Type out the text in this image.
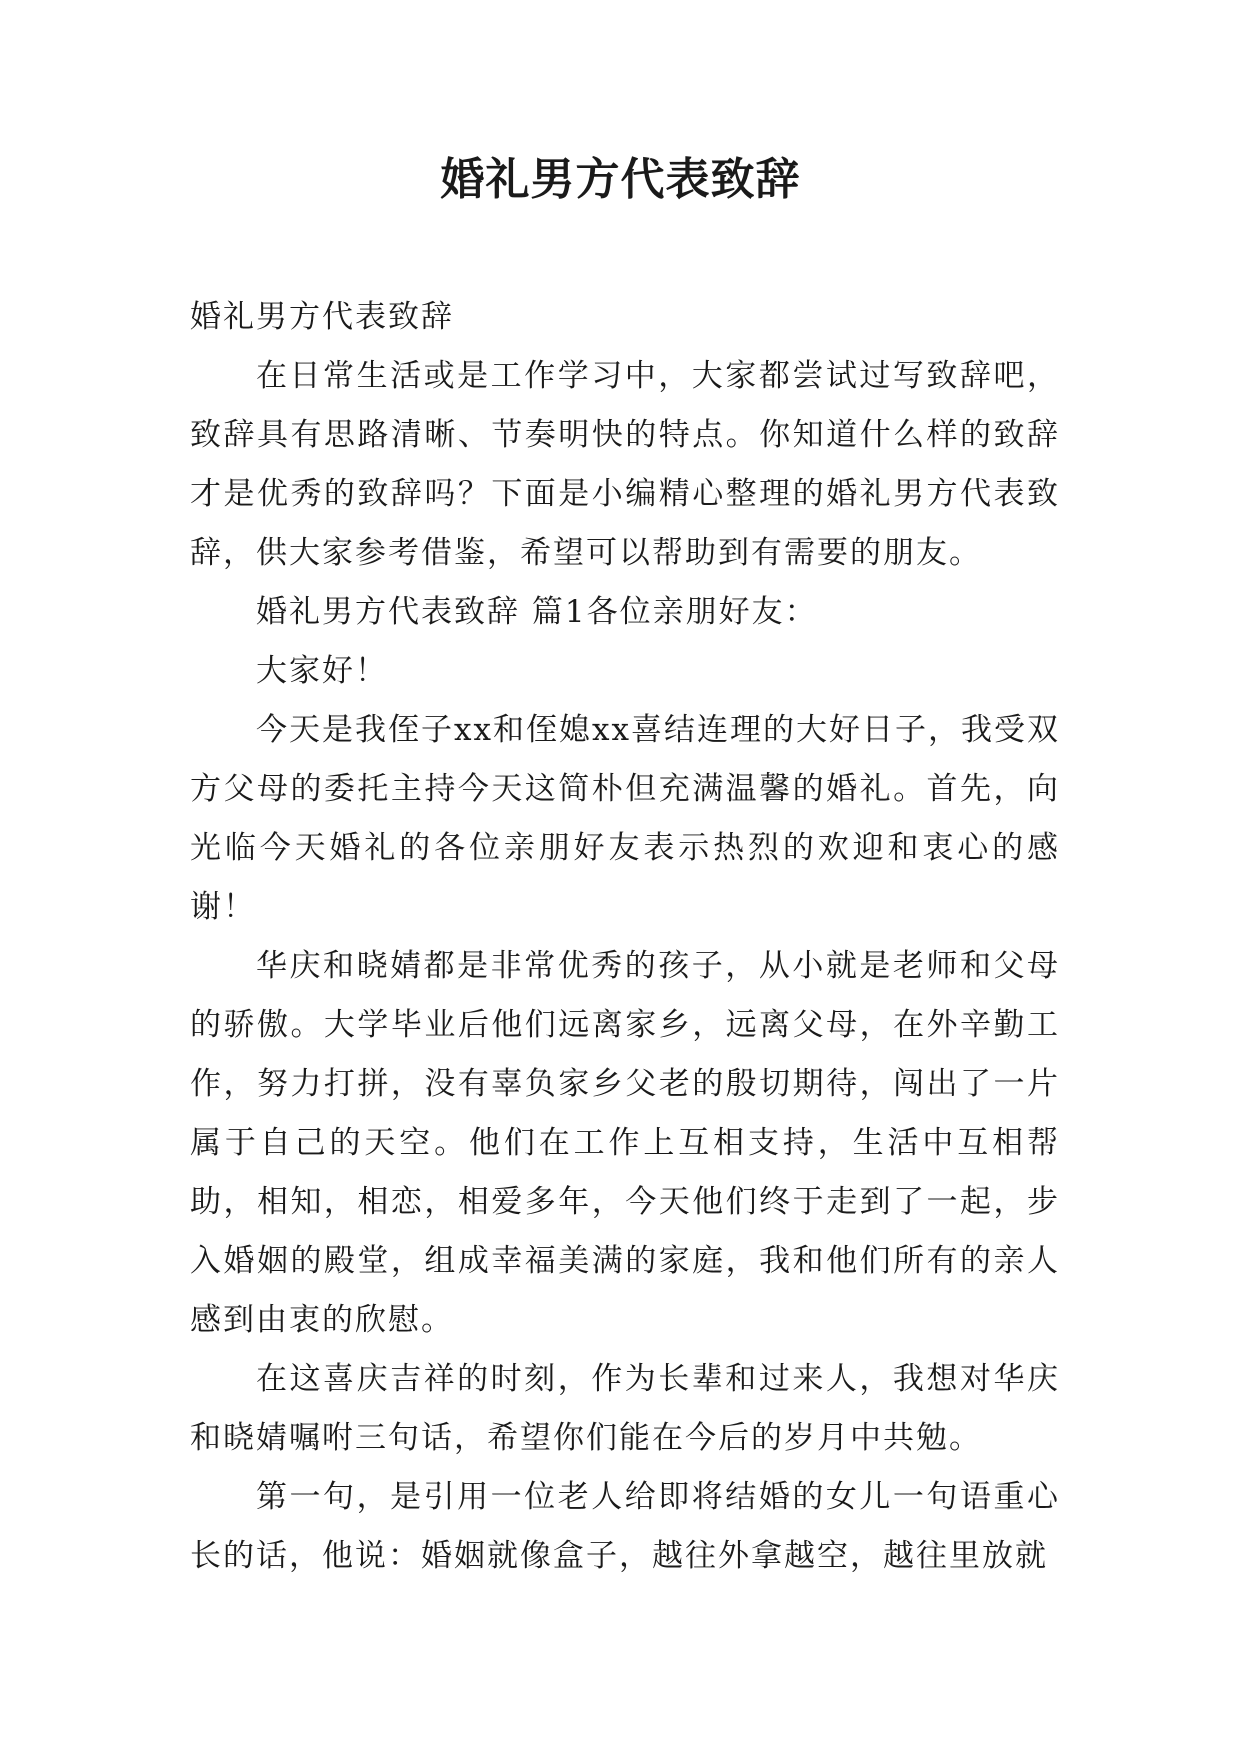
婚礼男方代表致辞

婚礼男方代表致辞

在日常生活或是工作学习中，大家都尝试过写致辞吧，致辞具有思路清晰、节奏明快的特点。你知道什么样的致辞才是优秀的致辞吗？下面是小编精心整理的婚礼男方代表致辞，供大家参考借鉴，希望可以帮助到有需要的朋友。

婚礼男方代表致辞 篇1各位亲朋好友：

大家好！

今天是我侄子xx和侄媳xx喜结连理的大好日子，我受双方父母的委托主持今天这简朴但充满温馨的婚礼。首先，向光临今天婚礼的各位亲朋好友表示热烈的欢迎和衷心的感谢！

华庆和晓婧都是非常优秀的孩子，从小就是老师和父母的骄傲。大学毕业后他们远离家乡，远离父母，在外辛勤工作，努力打拼，没有辜负家乡父老的殷切期待，闯出了一片属于自己的天空。他们在工作上互相支持，生活中互相帮助，相知，相恋，相爱多年，今天他们终于走到了一起，步入婚姻的殿堂，组成幸福美满的家庭，我和他们所有的亲人感到由衷的欣慰。

在这喜庆吉祥的时刻，作为长辈和过来人，我想对华庆和晓婧嘱咐三句话，希望你们能在今后的岁月中共勉。

第一句，是引用一位老人给即将结婚的女儿一句语重心长的话，他说：婚姻就像盒子，越往外拿越空，越往里放就
